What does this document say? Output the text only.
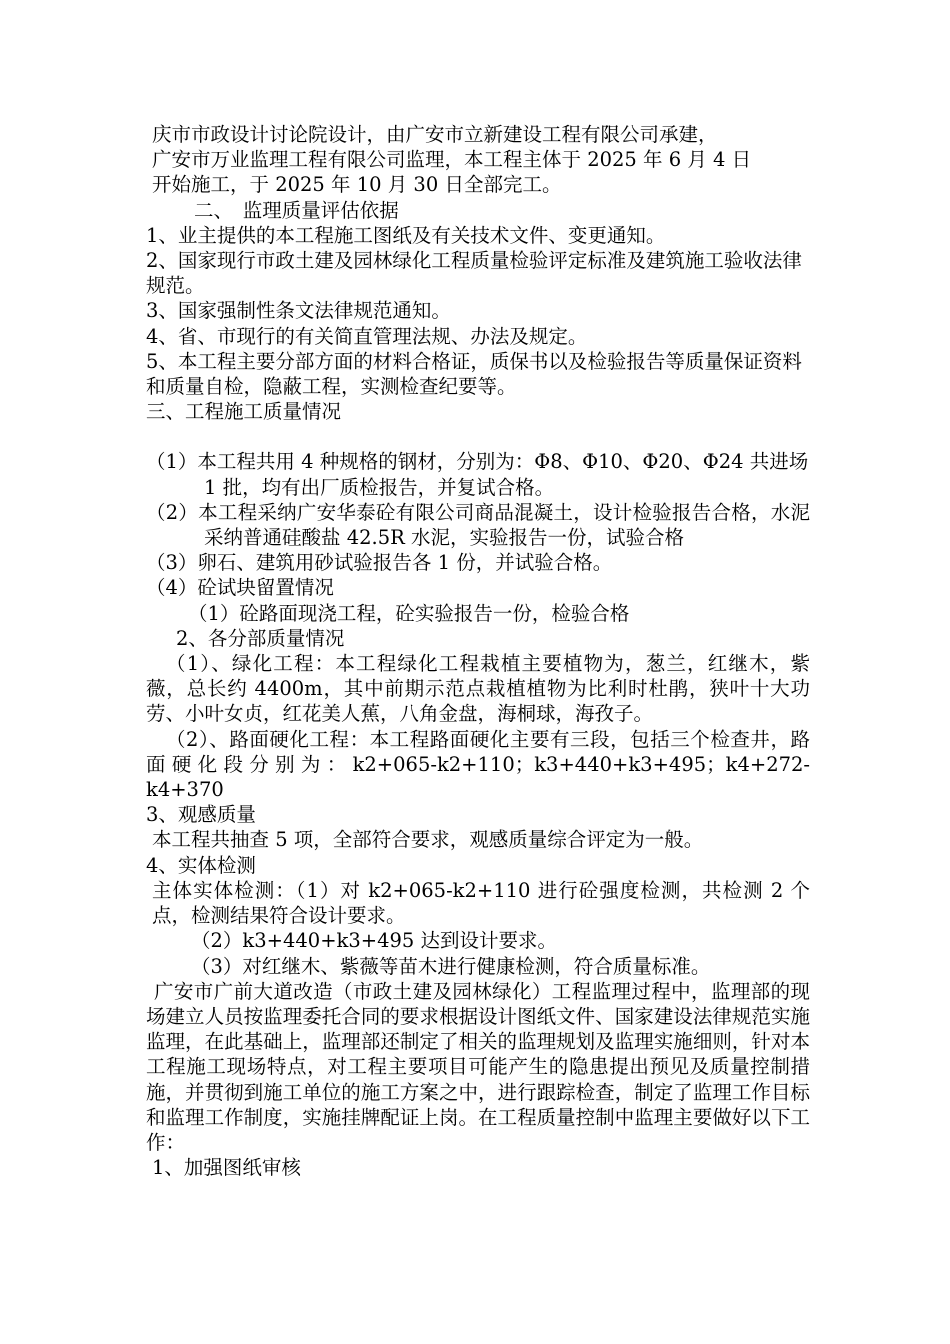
庆市市政设计讨论院设计，由广安市立新建设工程有限公司承建，

广安市万业监理工程有限公司监理，本工程主体于 2025 年 6 月 4 日

开始施工，于 2025 年 10 月 30 日全部完工。

二、　监理质量评估依据

1、业主提供的本工程施工图纸及有关技术文件、变更通知。

2、国家现行市政土建及园林绿化工程质量检验评定标准及建筑施工验收法律规范。

3、国家强制性条文法律规范通知。

4、省、市现行的有关简直管理法规、办法及规定。

5、本工程主要分部方面的材料合格证，质保书以及检验报告等质量保证资料和质量自检，隐蔽工程，实测检查纪要等。

三、工程施工质量情况

（1）本工程共用 4 种规格的钢材，分别为：Φ8、Φ10、Φ20、Φ24 共进场 1 批，均有出厂质检报告，并复试合格。

（2）本工程采纳广安华泰砼有限公司商品混凝土，设计检验报告合格，水泥采纳普通硅酸盐 42.5R 水泥，实验报告一份，试验合格

（3）卵石、建筑用砂试验报告各 1 份，并试验合格。

（4）砼试块留置情况

（1）砼路面现浇工程，砼实验报告一份，检验合格

2、各分部质量情况

（1）、绿化工程：本工程绿化工程栽植主要植物为，葱兰，红继木，紫薇，总长约 4400m，其中前期示范点栽植植物为比利时杜鹃，狭叶十大功劳、小叶女贞，红花美人蕉，八角金盘，海桐球，海孜子。

（2）、路面硬化工程：本工程路面硬化主要有三段，包括三个检查井，路面硬化段分别为：k2+065-k2+110；k3+440+k3+495；k4+272-k4+370

3、观感质量

本工程共抽查 5 项，全部符合要求，观感质量综合评定为一般。

4、实体检测

主体实体检测：（1）对 k2+065-k2+110 进行砼强度检测，共检测 2 个点，检测结果符合设计要求。

（2）k3+440+k3+495 达到设计要求。

（3）对红继木、紫薇等苗木进行健康检测，符合质量标准。

广安市广前大道改造（市政土建及园林绿化）工程监理过程中，监理部的现场建立人员按监理委托合同的要求根据设计图纸文件、国家建设法律规范实施监理，在此基础上，监理部还制定了相关的监理规划及监理实施细则，针对本工程施工现场特点，对工程主要项目可能产生的隐患提出预见及质量控制措施，并贯彻到施工单位的施工方案之中，进行跟踪检查，制定了监理工作目标和监理工作制度，实施挂牌配证上岗。在工程质量控制中监理主要做好以下工作：

1、加强图纸审核
